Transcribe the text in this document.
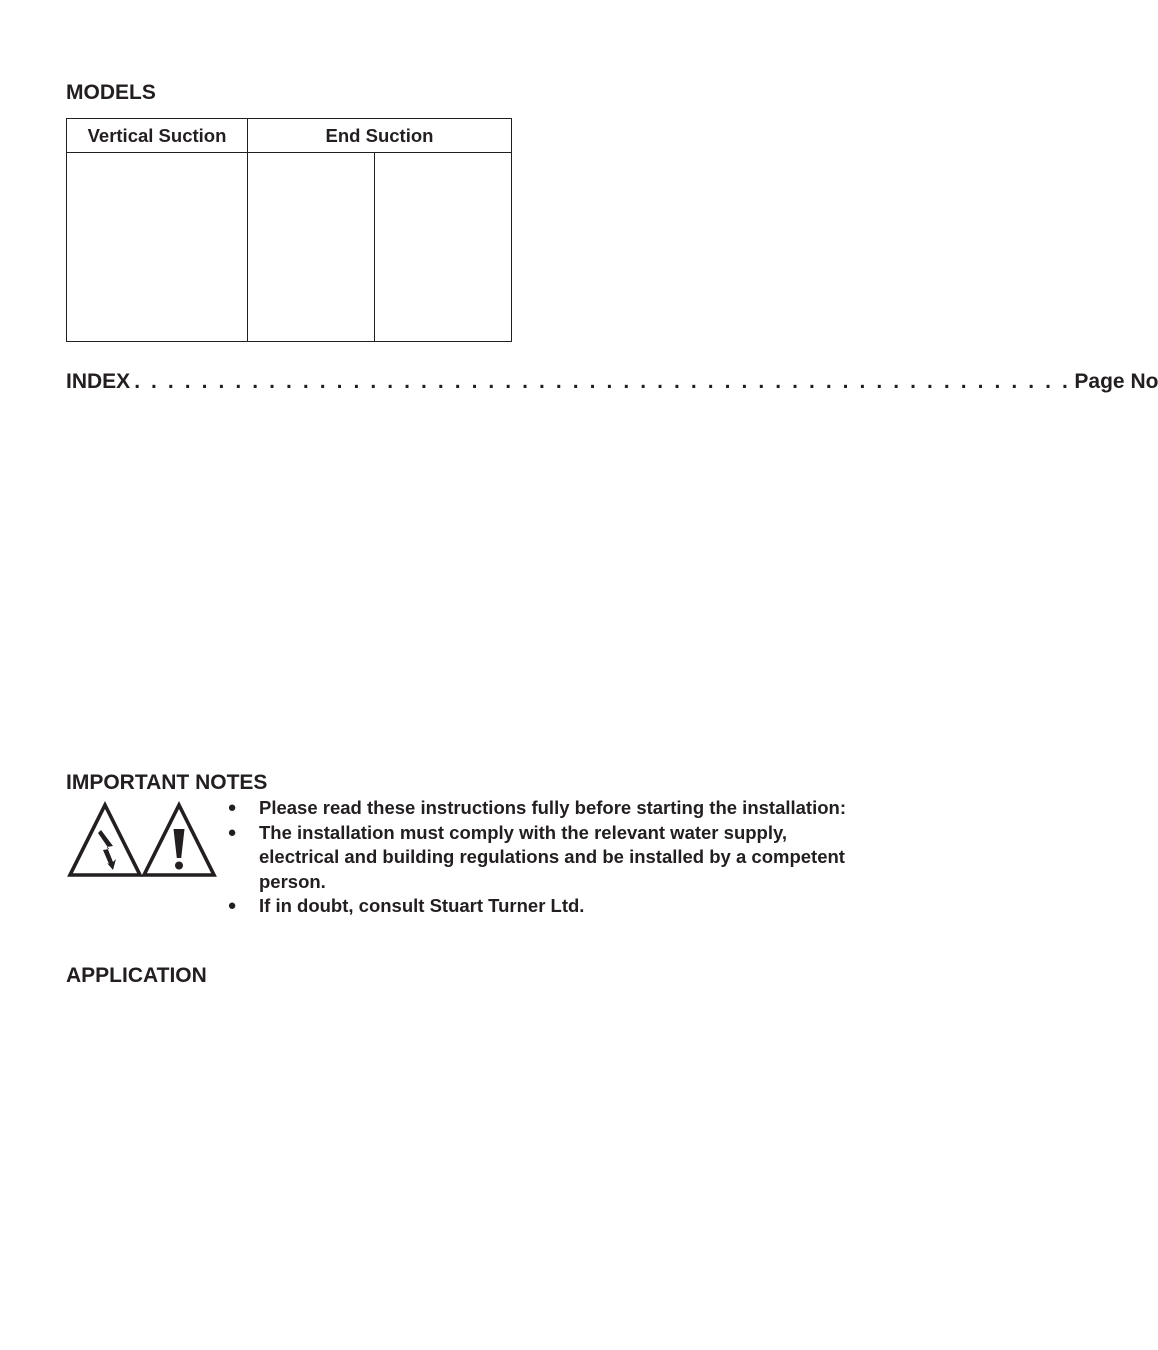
MODELS
Vertical Suction	End Suction	

INDEX . . . . . . . . . . . . . . . . . . . . . . . . . . . . . . . . . . . . . . . . . . . . . . . . . . . . . . . . Page No
IMPORTANT NOTES
● Please read these instructions fully before starting the installation:
● The installation must comply with the relevant water supply, electrical and building regulations and be installed by a competent person.
● If in doubt, consult Stuart Turner Ltd.
APPLICATION
